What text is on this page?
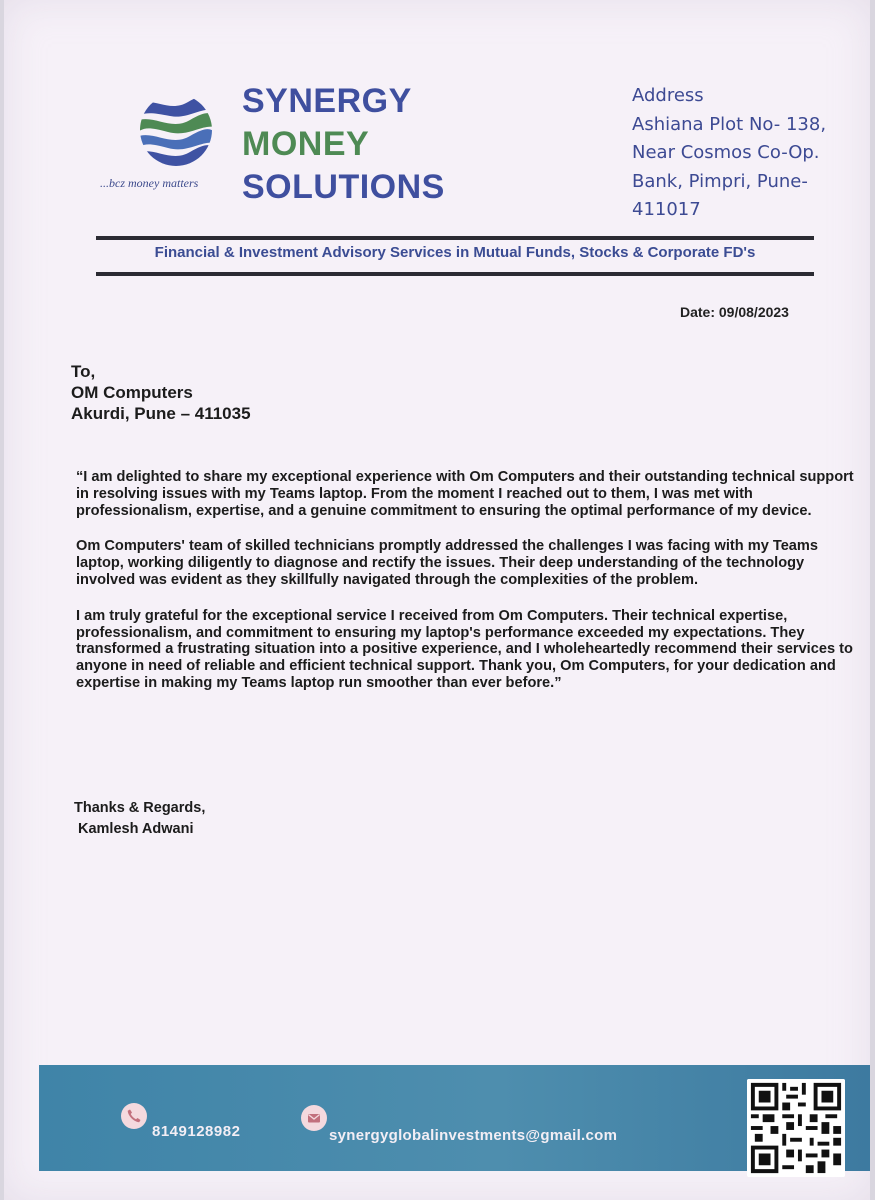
...bcz money matters
SYNERGY
MONEY
SOLUTIONS
Address
Ashiana Plot No- 138,
Near Cosmos Co-Op.
Bank, Pimpri, Pune-
411017
Financial & Investment Advisory Services in Mutual Funds, Stocks & Corporate FD's
Date: 09/08/2023
To,
OM Computers
Akurdi, Pune – 411035

“I am delighted to share my exceptional experience with Om Computers and their outstanding technical support in resolving issues with my Teams laptop. From the moment I reached out to them, I was met with professionalism, expertise, and a genuine commitment to ensuring the optimal performance of my device.

Om Computers' team of skilled technicians promptly addressed the challenges I was facing with my Teams laptop, working diligently to diagnose and rectify the issues. Their deep understanding of the technology involved was evident as they skillfully navigated through the complexities of the problem.

I am truly grateful for the exceptional service I received from Om Computers. Their technical expertise, professionalism, and commitment to ensuring my laptop's performance exceeded my expectations. They transformed a frustrating situation into a positive experience, and I wholeheartedly recommend their services to anyone in need of reliable and efficient technical support. Thank you, Om Computers, for your dedication and expertise in making my Teams laptop run smoother than ever before.”

Thanks & Regards,
Kamlesh Adwani
8149128982	synergyglobalinvestments@gmail.com
